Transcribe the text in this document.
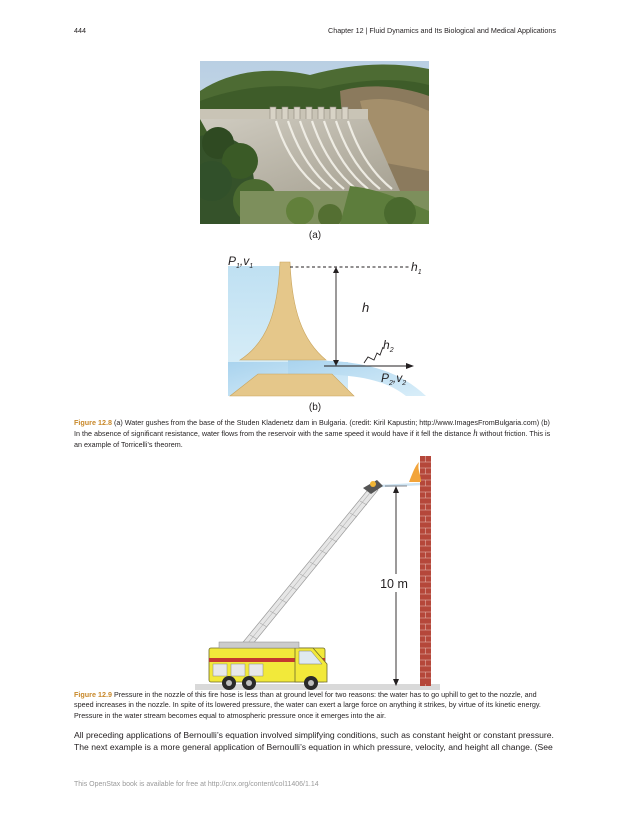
444	Chapter 12 | Fluid Dynamics and Its Biological and Medical Applications
(a)
$P_1,v_1$	$h_1$
h
$h_2$
$P_2,v_2$
(b)
Figure 12.8 (a) Water gushes from the base of the Studen Kladenetz dam in Bulgaria. (credit: Kiril Kapustin; http://www.ImagesFromBulgaria.com) (b) In the absence of significant resistance, water flows from the reservoir with the same speed it would have if it fell the distance h without friction. This is an example of Torricelli’s theorem.
10 m
Figure 12.9 Pressure in the nozzle of this fire hose is less than at ground level for two reasons: the water has to go uphill to get to the nozzle, and speed increases in the nozzle. In spite of its lowered pressure, the water can exert a large force on anything it strikes, by virtue of its kinetic energy. Pressure in the water stream becomes equal to atmospheric pressure once it emerges into the air.
All preceding applications of Bernoulli’s equation involved simplifying conditions, such as constant height or constant pressure. The next example is a more general application of Bernoulli’s equation in which pressure, velocity, and height all change. (See
This OpenStax book is available for free at http://cnx.org/content/col11406/1.14
